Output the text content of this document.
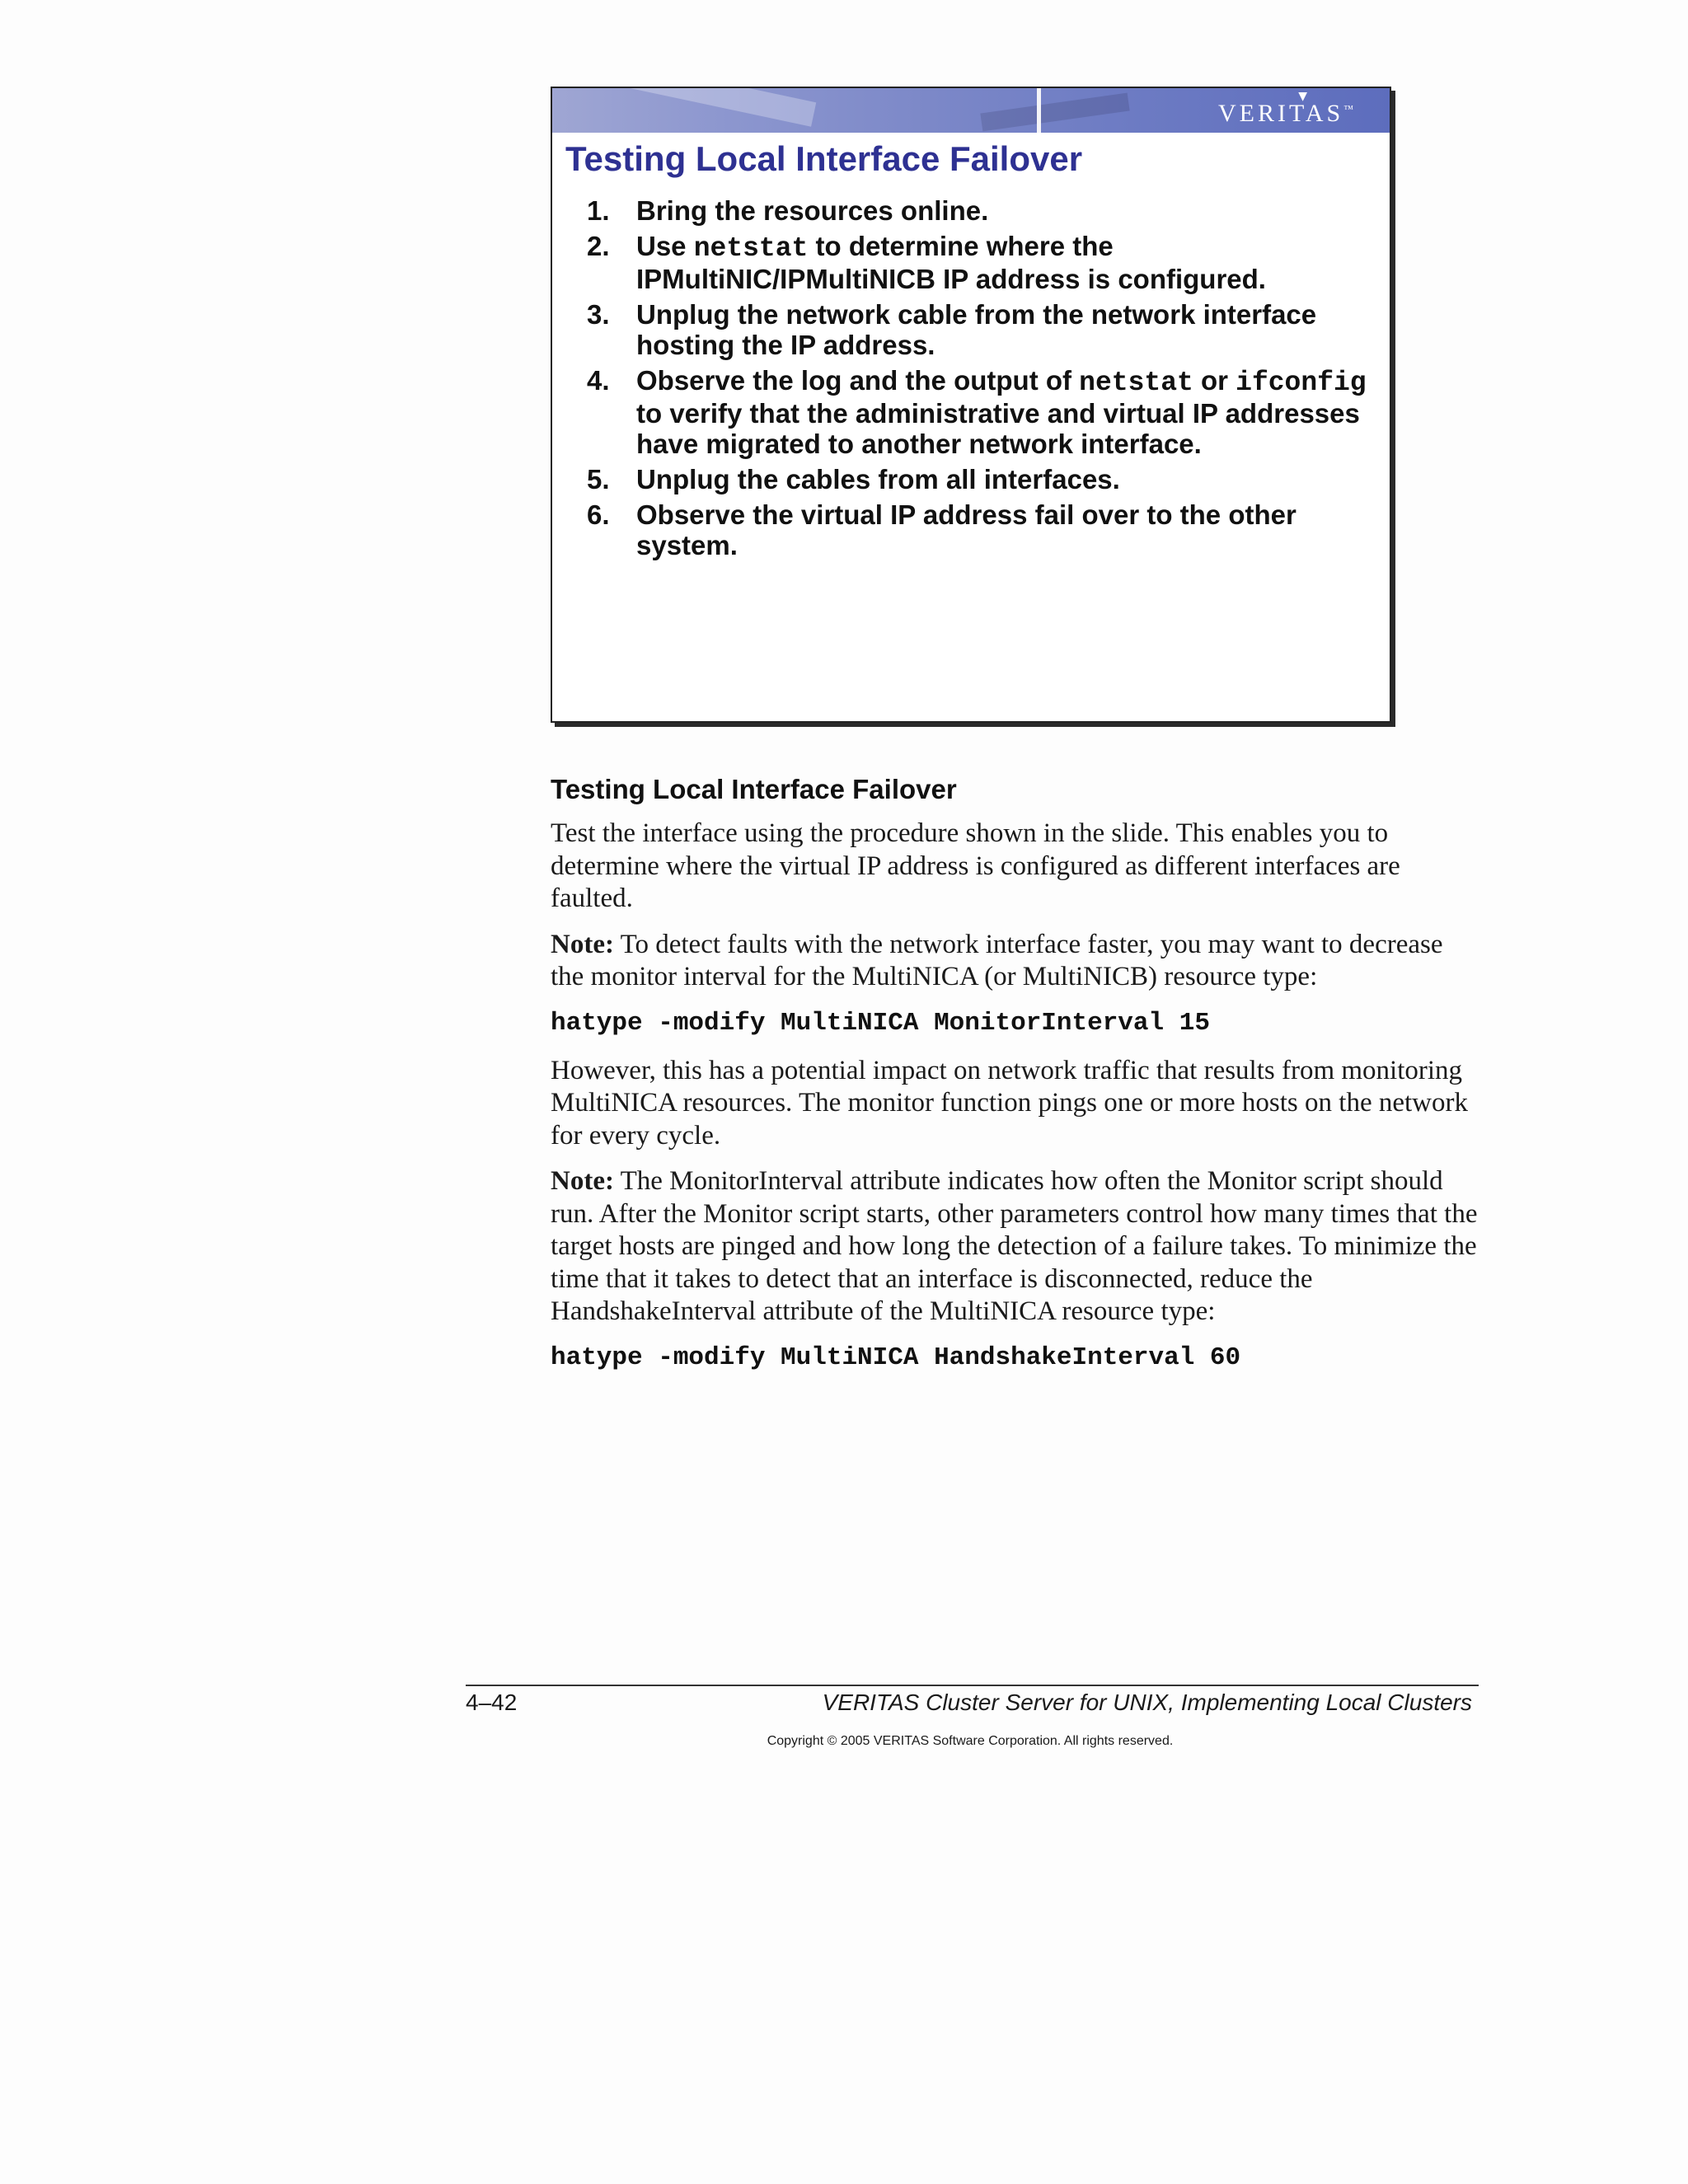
▼
VERITAS™
Testing Local Interface Failover
1. Bring the resources online.
2. Use netstat to determine where the IPMultiNIC/IPMultiNICB IP address is configured.
3. Unplug the network cable from the network interface hosting the IP address.
4. Observe the log and the output of netstat or ifconfig to verify that the administrative and virtual IP addresses have migrated to another network interface.
5. Unplug the cables from all interfaces.
6. Observe the virtual IP address fail over to the other system.
Testing Local Interface Failover

Test the interface using the procedure shown in the slide. This enables you to determine where the virtual IP address is configured as different interfaces are faulted.

Note: To detect faults with the network interface faster, you may want to decrease the monitor interval for the MultiNICA (or MultiNICB) resource type:

hatype -modify MultiNICA MonitorInterval 15

However, this has a potential impact on network traffic that results from monitoring MultiNICA resources. The monitor function pings one or more hosts on the network for every cycle.

Note: The MonitorInterval attribute indicates how often the Monitor script should run. After the Monitor script starts, other parameters control how many times that the target hosts are pinged and how long the detection of a failure takes. To minimize the time that it takes to detect that an interface is disconnected, reduce the HandshakeInterval attribute of the MultiNICA resource type:

hatype -modify MultiNICA HandshakeInterval 60

4–42	VERITAS Cluster Server for UNIX, Implementing Local Clusters
Copyright © 2005 VERITAS Software Corporation. All rights reserved.
